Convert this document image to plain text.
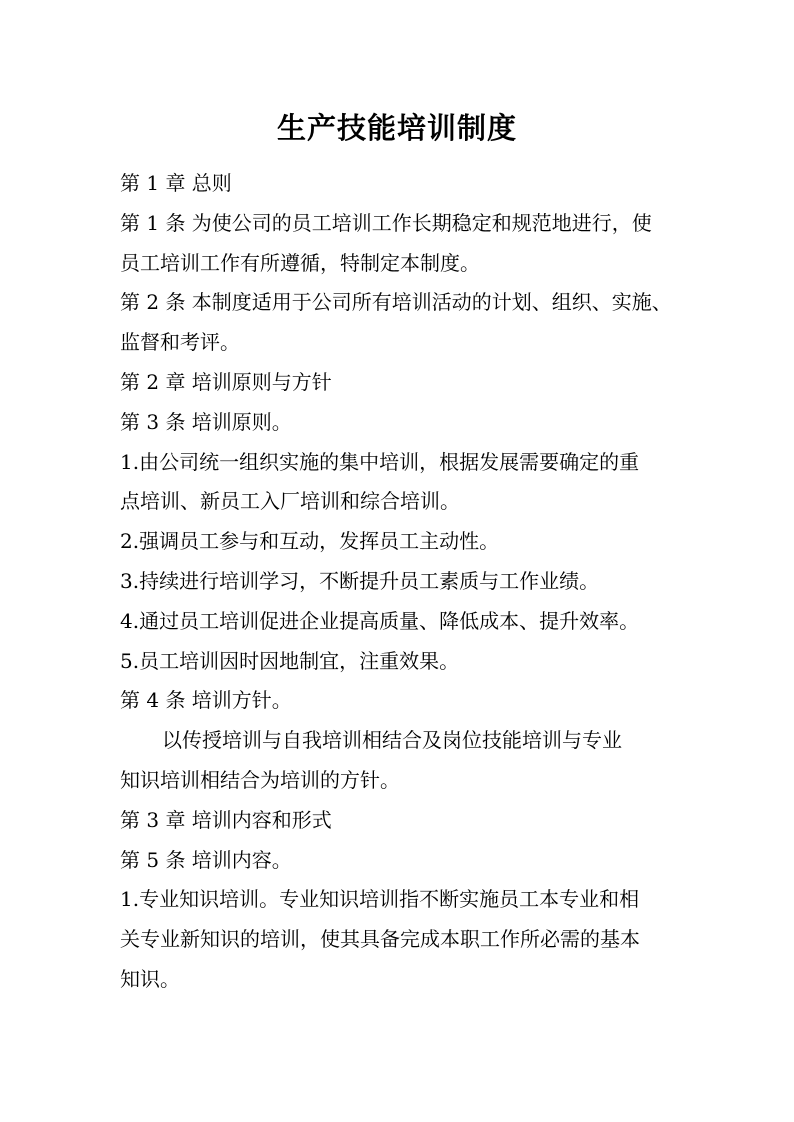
生产技能培训制度
第 1 章 总则
第 1 条 为使公司的员工培训工作长期稳定和规范地进行，使
员工培训工作有所遵循，特制定本制度。
第 2 条 本制度适用于公司所有培训活动的计划、组织、实施、
监督和考评。
第 2 章 培训原则与方针
第 3 条 培训原则。
1.由公司统一组织实施的集中培训，根据发展需要确定的重
点培训、新员工入厂培训和综合培训。
2.强调员工参与和互动，发挥员工主动性。
3.持续进行培训学习，不断提升员工素质与工作业绩。
4.通过员工培训促进企业提高质量、降低成本、提升效率。
5.员工培训因时因地制宜，注重效果。
第 4 条 培训方针。
以传授培训与自我培训相结合及岗位技能培训与专业
知识培训相结合为培训的方针。
第 3 章 培训内容和形式
第 5 条 培训内容。
1.专业知识培训。专业知识培训指不断实施员工本专业和相
关专业新知识的培训，使其具备完成本职工作所必需的基本
知识。
